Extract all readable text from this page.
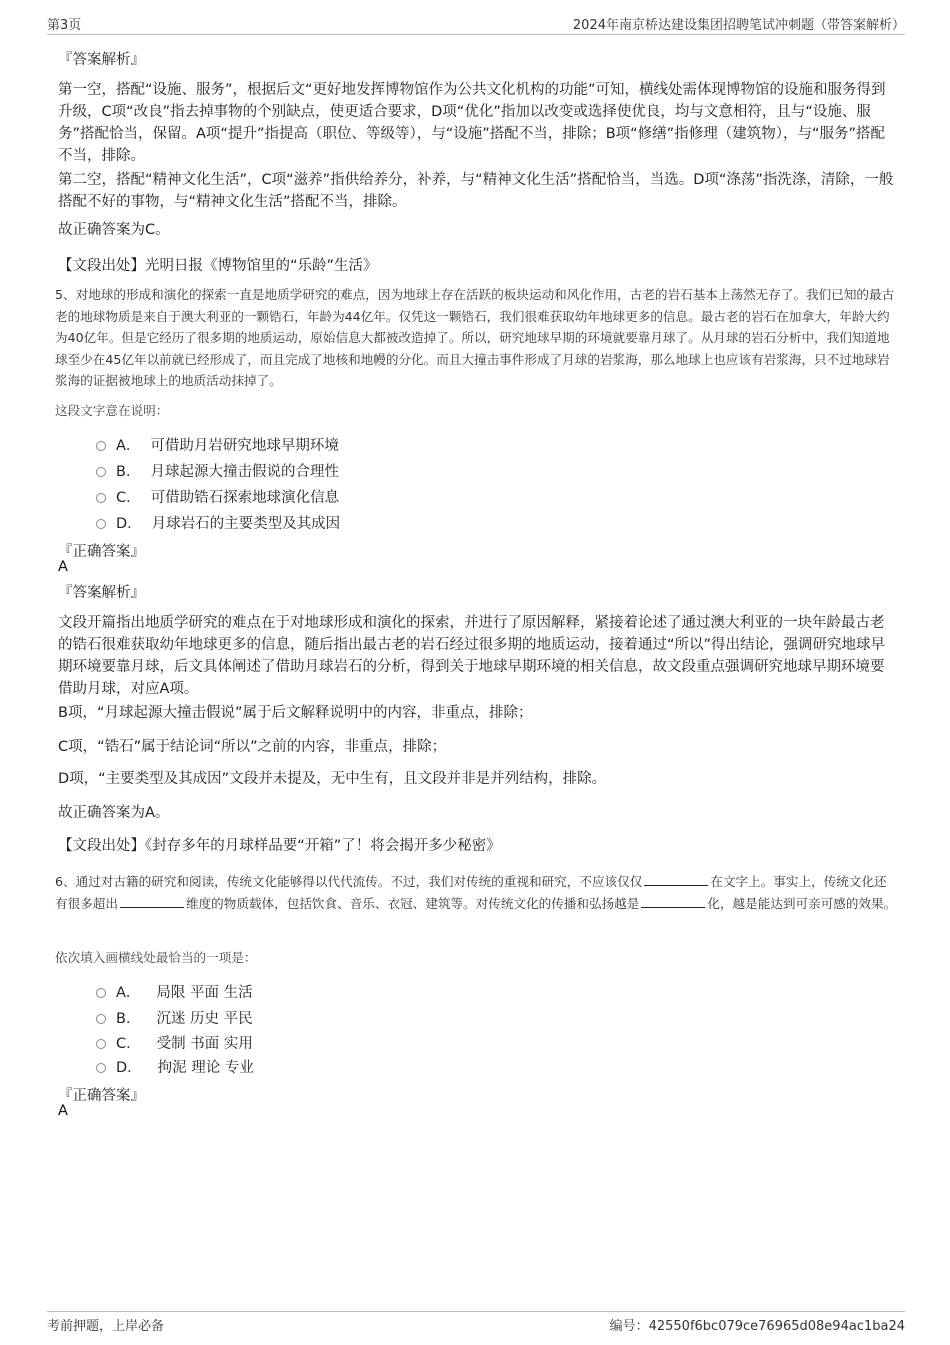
第3页	2024年南京桥达建设集团招聘笔试冲刺题（带答案解析）
『答案解析』
第一空，搭配“设施、服务”，根据后文“更好地发挥博物馆作为公共文化机构的功能”可知，横线处需体现博物馆的设施和服务得到升级，C项“改良”指去掉事物的个别缺点，使更适合要求，D项“优化”指加以改变或选择使优良，均与文意相符，且与“设施、服务”搭配恰当，保留。A项“提升”指提高（职位、等级等），与“设施”搭配不当，排除；B项“修缮”指修理（建筑物），与“服务”搭配不当，排除。
第二空，搭配“精神文化生活”，C项“滋养”指供给养分，补养，与“精神文化生活”搭配恰当，当选。D项“涤荡”指洗涤，清除，一般搭配不好的事物，与“精神文化生活”搭配不当，排除。
故正确答案为C。
【文段出处】光明日报《博物馆里的“乐龄”生活》
5、对地球的形成和演化的探索一直是地质学研究的难点，因为地球上存在活跃的板块运动和风化作用，古老的岩石基本上荡然无存了。我们已知的最古老的地球物质是来自于澳大利亚的一颗锆石，年龄为44亿年。仅凭这一颗锆石，我们很难获取幼年地球更多的信息。最古老的岩石在加拿大，年龄大约为40亿年。但是它经历了很多期的地质运动，原始信息大都被改造掉了。所以，研究地球早期的环境就要靠月球了。从月球的岩石分析中，我们知道地球至少在45亿年以前就已经形成了，而且完成了地核和地幔的分化。而且大撞击事件形成了月球的岩浆海，那么地球上也应该有岩浆海，只不过地球岩浆海的证据被地球上的地质活动抹掉了。
这段文字意在说明：
A． 可借助月岩研究地球早期环境
B． 月球起源大撞击假说的合理性
C． 可借助锆石探索地球演化信息
D． 月球岩石的主要类型及其成因
『正确答案』
A
『答案解析』
文段开篇指出地质学研究的难点在于对地球形成和演化的探索，并进行了原因解释，紧接着论述了通过澳大利亚的一块年龄最古老的锆石很难获取幼年地球更多的信息，随后指出最古老的岩石经过很多期的地质运动，接着通过“所以”得出结论，强调研究地球早期环境要靠月球，后文具体阐述了借助月球岩石的分析，得到关于地球早期环境的相关信息，故文段重点强调研究地球早期环境要借助月球，对应A项。
B项，“月球起源大撞击假说”属于后文解释说明中的内容，非重点，排除；
C项，“锆石”属于结论词“所以”之前的内容，非重点，排除；
D项，“主要类型及其成因”文段并未提及，无中生有，且文段并非是并列结构，排除。
故正确答案为A。
【文段出处】《封存多年的月球样品要“开箱”了！将会揭开多少秘密》
6、通过对古籍的研究和阅读，传统文化能够得以代代流传。不过，我们对传统的重视和研究，不应该仅仅	在文字上。事实上，传统文化还有很多超出	维度的物质载体，包括饮食、音乐、衣冠、建筑等。对传统文化的传播和弘扬越是	化，越是能达到可亲可感的效果。
依次填入画横线处最恰当的一项是：
A． 局限 平面 生活
B． 沉迷 历史 平民
C． 受制 书面 实用
D． 拘泥 理论 专业
『正确答案』
A
考前押题，上岸必备	编号：42550f6bc079ce76965d08e94ac1ba24
